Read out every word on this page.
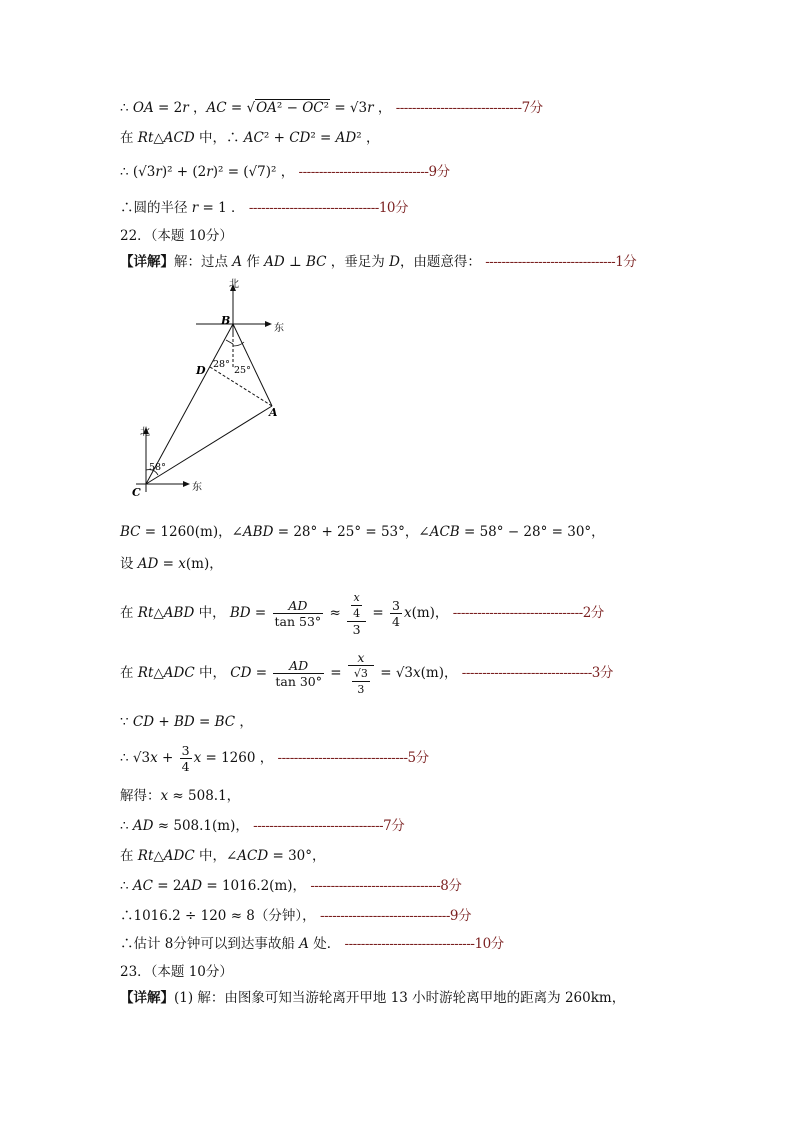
∴ OA = 2r ，AC = √OA² − OC² = √3r ， -------------------------------7分
在 Rt△ACD 中，∴ AC² + CD² = AD² ，
∴ (√3r)² + (2r)² = (√7)² ， --------------------------------9分
∴圆的半径 r = 1 ． --------------------------------10分
22．（本题 10分）
【详解】解：过点 A 作 AD ⊥ BC ，垂足为 D，由题意得： --------------------------------1分
北
东
B
北
东
C
D
A
28°
25°
58°
BC = 1260(m)，∠ABD = 28° + 25° = 53°，∠ACB = 58° − 28° = 30°，
设 AD = x(m)，
在 Rt△ABD 中， BD = $\frac{AD}{\tan 53^\circ} \approx \frac{\frac{x}{4}}{3} = \frac{3}{4} x(m)$， --------------------------------2分
在 Rt△ADC 中， CD = $\frac{AD}{\tan 30^\circ} = \frac{x}{\frac{√3}{3}} = √3x(m)$， --------------------------------3分
∵ CD + BD = BC ，
∴ $√3x + \frac{3}{4}$ x = 1260 ， --------------------------------5分
解得：x ≈ 508.1，
∴ AD ≈ 508.1(m)， --------------------------------7分
在 Rt△ADC 中，∠ACD = 30°，
∴ AC = 2AD = 1016.2(m)， --------------------------------8分
∴1016.2 ÷ 120 ≈ 8（分钟）， --------------------------------9分
∴估计 8分钟可以到达事故船 A 处． --------------------------------10分
23．（本题 10分）
【详解】(1) 解：由图象可知当游轮离开甲地 13 小时游轮离甲地的距离为 260km，
